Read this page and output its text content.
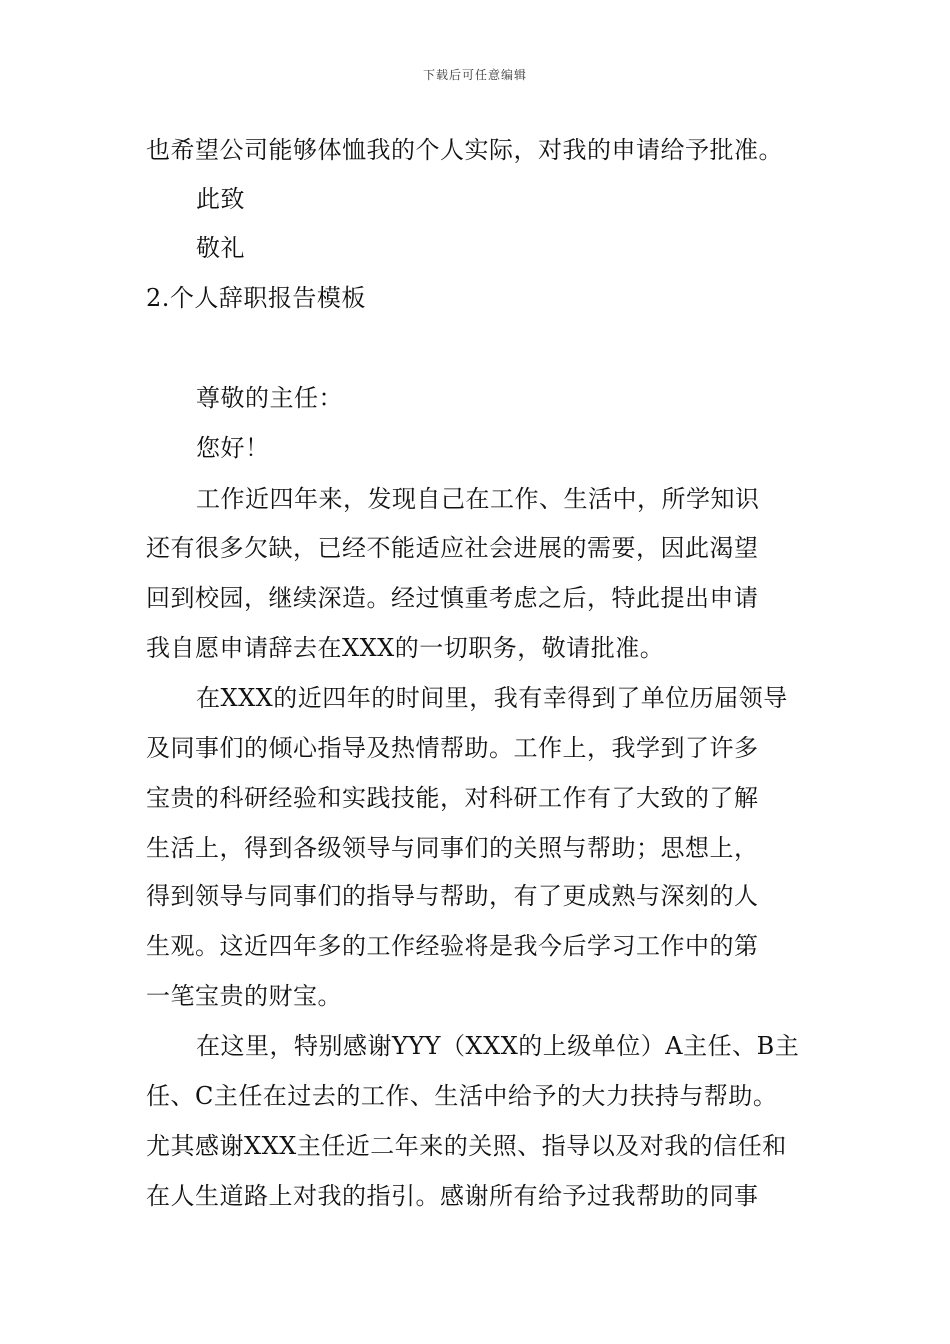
下载后可任意编辑
也希望公司能够体恤我的个人实际，对我的申请给予批准。
此致
敬礼
2.个人辞职报告模板
尊敬的主任：
您好！
工作近四年来，发现自己在工作、生活中，所学知识
还有很多欠缺，已经不能适应社会进展的需要，因此渴望
回到校园，继续深造。经过慎重考虑之后，特此提出申请
我自愿申请辞去在XXX的一切职务，敬请批准。
在XXX的近四年的时间里，我有幸得到了单位历届领导
及同事们的倾心指导及热情帮助。工作上，我学到了许多
宝贵的科研经验和实践技能，对科研工作有了大致的了解
生活上，得到各级领导与同事们的关照与帮助；思想上，
得到领导与同事们的指导与帮助，有了更成熟与深刻的人
生观。这近四年多的工作经验将是我今后学习工作中的第
一笔宝贵的财宝。
在这里，特别感谢YYY（XXX的上级单位）A主任、B主
任、C主任在过去的工作、生活中给予的大力扶持与帮助。
尤其感谢XXX主任近二年来的关照、指导以及对我的信任和
在人生道路上对我的指引。感谢所有给予过我帮助的同事
